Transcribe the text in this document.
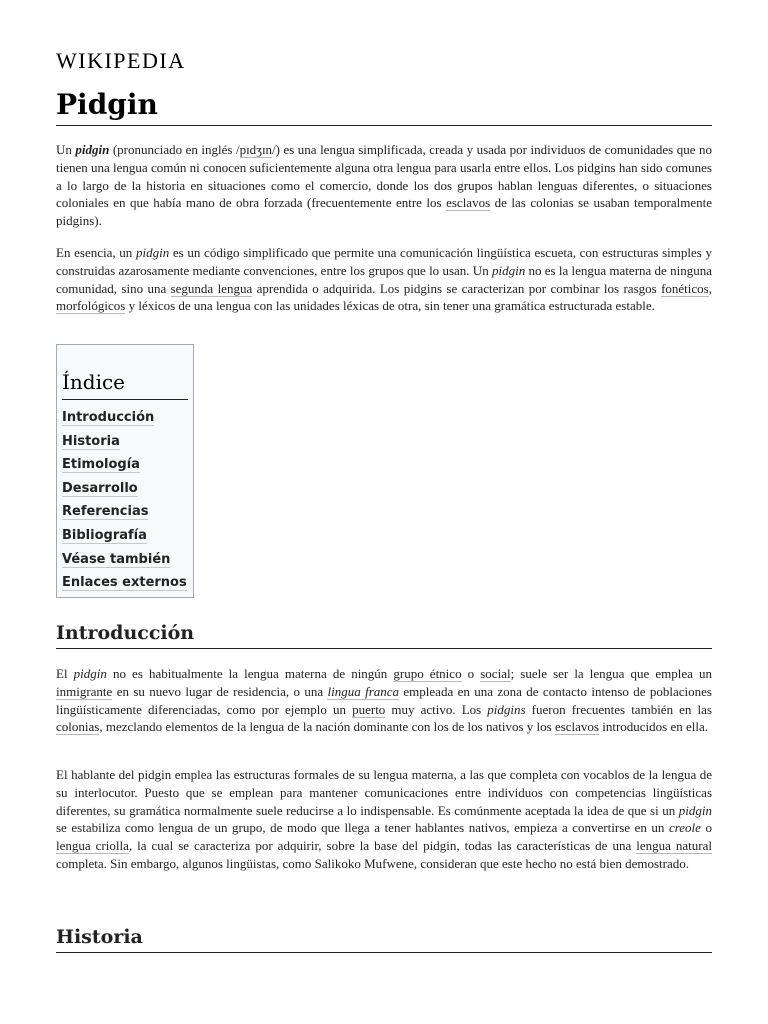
WIKIPEDIA
Pidgin

Un pidgin (pronunciado en inglés /pɪdʒɪn/) es una lengua simplificada, creada y usada por individuos de comunidades que no tienen una lengua común ni conocen suficientemente alguna otra lengua para usarla entre ellos. Los pidgins han sido comunes a lo largo de la historia en situaciones como el comercio, donde los dos grupos hablan lenguas diferentes, o situaciones coloniales en que había mano de obra forzada (frecuentemente entre los esclavos de las colonias se usaban temporalmente pidgins).

En esencia, un pidgin es un código simplificado que permite una comunicación lingüística escueta, con estructuras simples y construidas azarosamente mediante convenciones, entre los grupos que lo usan. Un pidgin no es la lengua materna de ninguna comunidad, sino una segunda lengua aprendida o adquirida. Los pidgins se caracterizan por combinar los rasgos fonéticos, morfológicos y léxicos de una lengua con las unidades léxicas de otra, sin tener una gramática estructurada estable.

Índice
Introducción
Historia
Etimología
Desarrollo
Referencias
Bibliografía
Véase también
Enlaces externos
Introducción

El pidgin no es habitualmente la lengua materna de ningún grupo étnico o social; suele ser la lengua que emplea un inmigrante en su nuevo lugar de residencia, o una lingua franca empleada en una zona de contacto intenso de poblaciones lingüísticamente diferenciadas, como por ejemplo un puerto muy activo. Los pidgins fueron frecuentes también en las colonias, mezclando elementos de la lengua de la nación dominante con los de los nativos y los esclavos introducidos en ella.

El hablante del pidgin emplea las estructuras formales de su lengua materna, a las que completa con vocablos de la lengua de su interlocutor. Puesto que se emplean para mantener comunicaciones entre individuos con competencias lingüísticas diferentes, su gramática normalmente suele reducirse a lo indispensable. Es comúnmente aceptada la idea de que si un pidgin se estabiliza como lengua de un grupo, de modo que llega a tener hablantes nativos, empieza a convertirse en un creole o lengua criolla, la cual se caracteriza por adquirir, sobre la base del pidgin, todas las características de una lengua natural completa. Sin embargo, algunos lingüistas, como Salikoko Mufwene, consideran que este hecho no está bien demostrado.

Historia
